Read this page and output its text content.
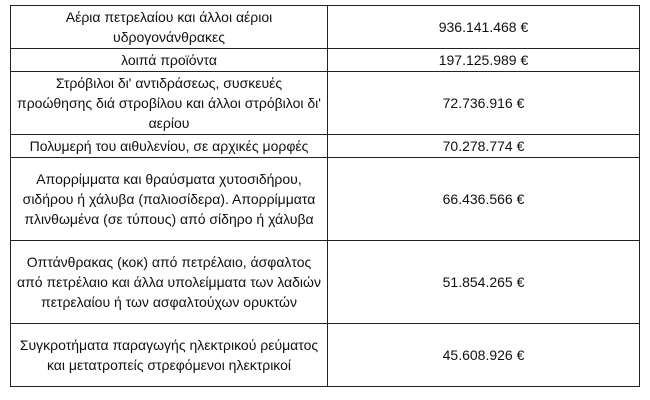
Αέρια πετρελαίου και άλλοι αέριοι υδρογονάνθρακες	936.141.468 €
λοιπά προϊόντα	197.125.989 €
Στρόβιλοι δι' αντιδράσεως, συσκευές προώθησης διά στροβίλου και άλλοι στρόβιλοι δι' αερίου	72.736.916 €
Πολυμερή του αιθυλενίου, σε αρχικές μορφές	70.278.774 €
Απορρίμματα και θραύσματα χυτοσιδήρου, σιδήρου ή χάλυβα (παλιοσίδερα). Απορρίμματα πλινθωμένα (σε τύπους) από σίδηρο ή χάλυβα	66.436.566 €
Οπτάνθρακας (κοκ) από πετρέλαιο, άσφαλτος από πετρέλαιο και άλλα υπολείμματα των λαδιών πετρελαίου ή των ασφαλτούχων ορυκτών	51.854.265 €
Συγκροτήματα παραγωγής ηλεκτρικού ρεύματος και μετατροπείς στρεφόμενοι ηλεκτρικοί	45.608.926 €
